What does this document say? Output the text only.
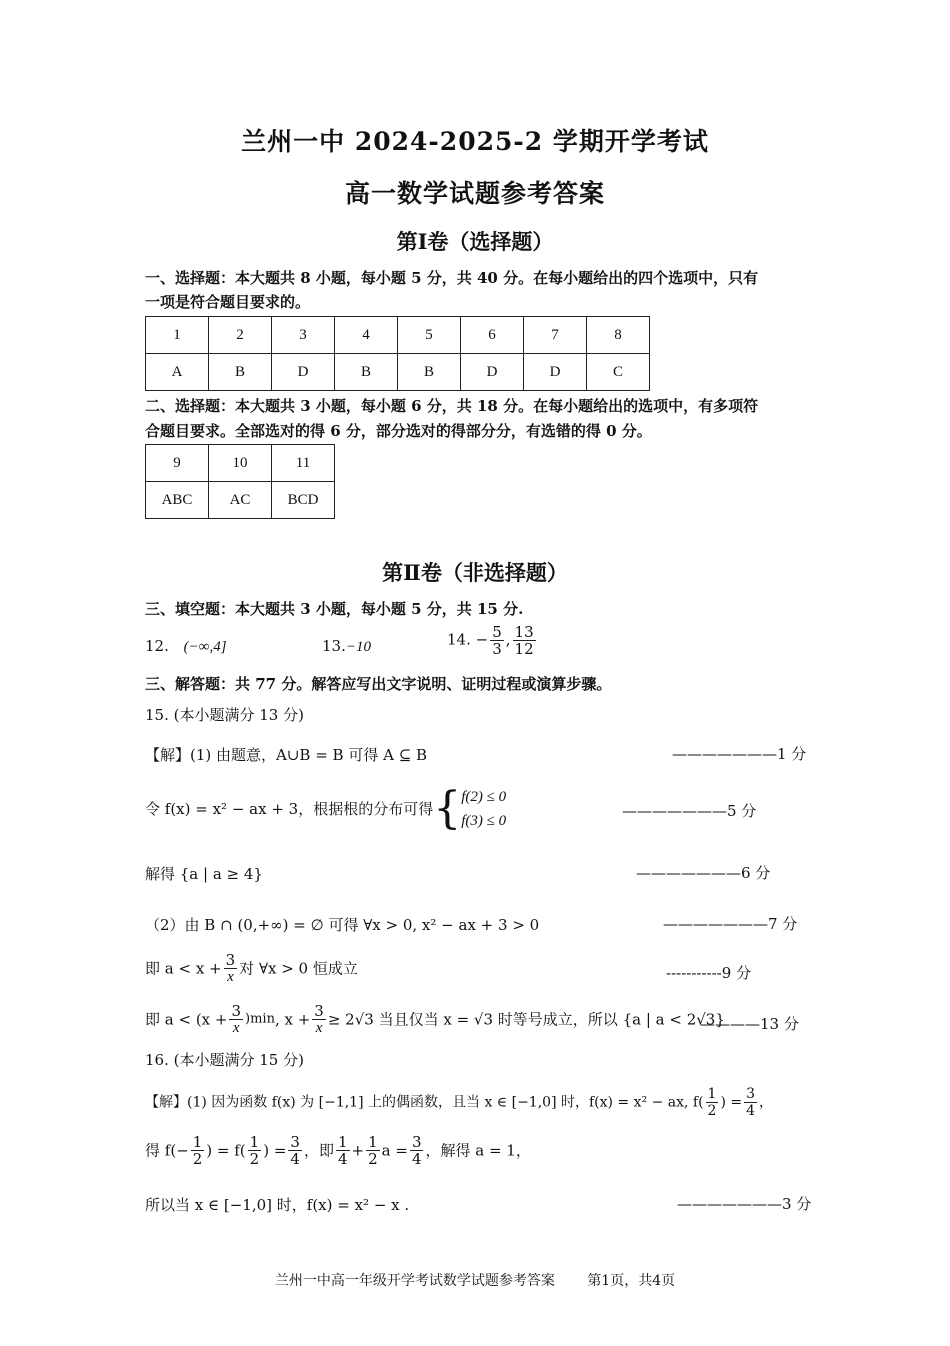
兰州一中 2024-2025-2 学期开学考试
高一数学试题参考答案
第Ⅰ卷（选择题）
一、选择题：本大题共 8 小题，每小题 5 分，共 40 分。在每小题给出的四个选项中，只有
一项是符合题目要求的。
1	2	3	4	5	6	7	8
A	B	D	B	B	D	D	C
二、选择题：本大题共 3 小题，每小题 6 分，共 18 分。在每小题给出的选项中，有多项符
合题目要求。全部选对的得 6 分，部分选对的得部分分，有选错的得 0 分。
9	10	11
ABC	AC	BCD
第Ⅱ卷（非选择题）
三、填空题：本大题共 3 小题，每小题 5 分，共 15 分.
12. (−∞,4]	13.−10	14. − $\frac{5}{3}$ , $\frac{13}{12}$
三、解答题：共 77 分。解答应写出文字说明、证明过程或演算步骤。
15. (本小题满分 13 分)
【解】(1) 由题意，A∪B = B 可得 A ⊆ B	———————1 分
令 f(x) = x² − ax + 3，根据根的分布可得{ f(2) ≤ 0
f(3) ≤ 0
———————5 分
解得 {a | a ≥ 4}	———————6 分
（2）由 B ∩ (0,+∞) = ∅ 可得 ∀x > 0, x² − ax + 3 > 0	———————7 分
即 $a < x + \frac{3}{x}$ 对 ∀x > 0 恒成立	-----------9 分
即 $a < (x + \frac{3}{x} )\min$, $x + \frac{3}{x} \ge 2√3$ 当且仅当 x = √3 时等号成立，所以 {a | a < 2√3}
————13 分
16. (本小题满分 15 分)
【解】(1) 因为函数 f(x) 为 [−1,1] 上的偶函数，且当 x ∈ [−1,0] 时，f(x) = x² − ax, $f( \frac{1}{2}$ ) = $\frac{3}{4}$ ，
得 $f(- \frac{1}{2}$ ) = $f( \frac{1}{2}$ ) = $\frac{3}{4}$ ，即 $\frac{1}{4} + \frac{1}{2}$ $a = \frac{3}{4}$ ，解得 a = 1，
所以当 x ∈ [−1,0] 时，f(x) = x² − x .	———————3 分
兰州一中高一年级开学考试数学试题参考答案 第1页，共4页
